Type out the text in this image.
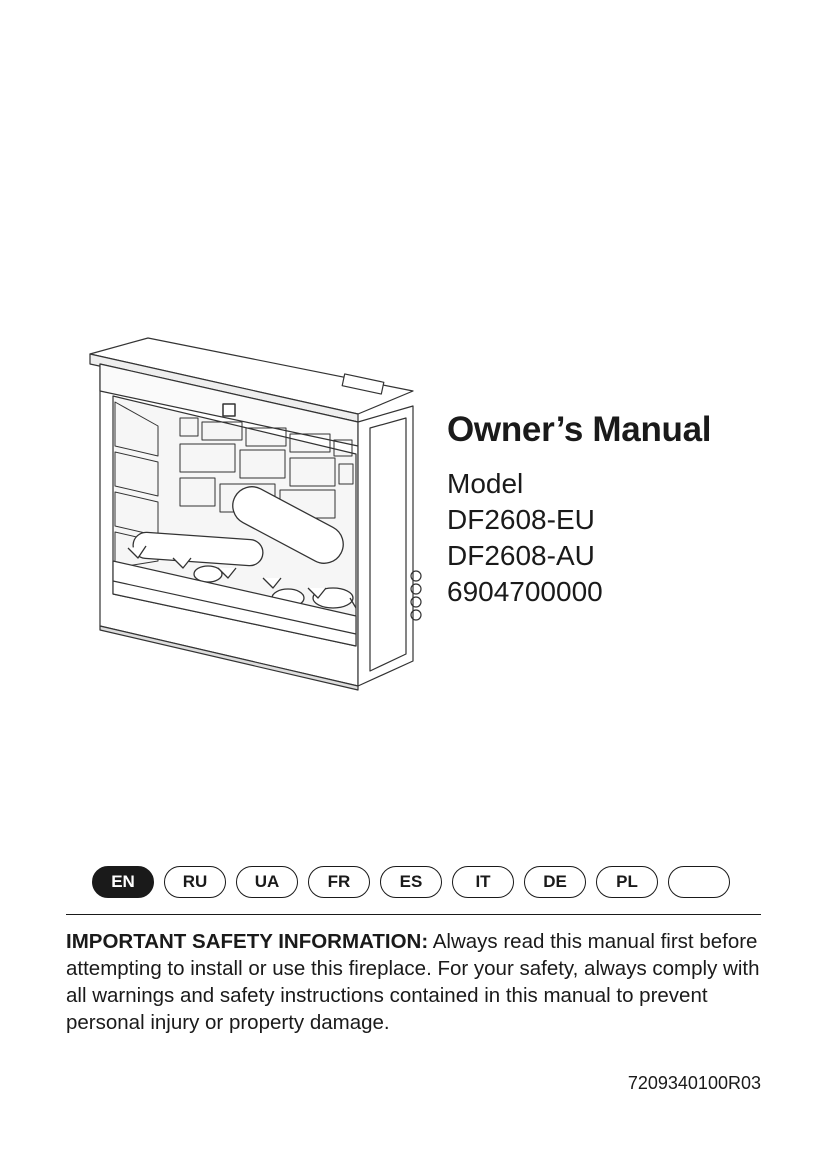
Owner’s Manual

Model

DF2608-EU

DF2608-AU

6904700000

EN	RU	UA	FR	ES	IT	DE	PL

IMPORTANT SAFETY INFORMATION: Always read this manual first before attempting to install or use this fireplace. For your safety, always comply with all warnings and safety instructions contained in this manual to prevent personal injury or property damage.

7209340100R03
